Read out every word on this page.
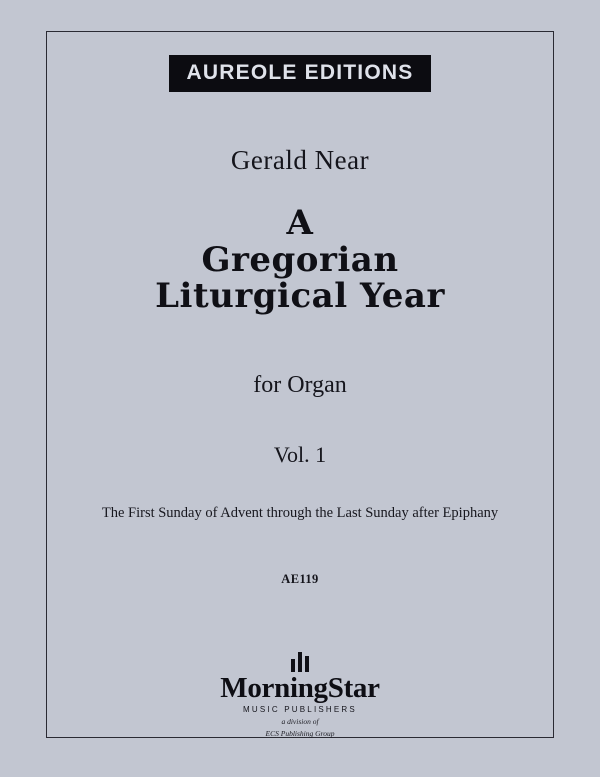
AUREOLE EDITIONS
Gerald Near
A
Gregorian
Liturgical Year
for Organ
Vol. 1
The First Sunday of Advent through the Last Sunday after Epiphany
AE119
MorningStar
MUSIC PUBLISHERS
a division of
ECS Publishing Group
